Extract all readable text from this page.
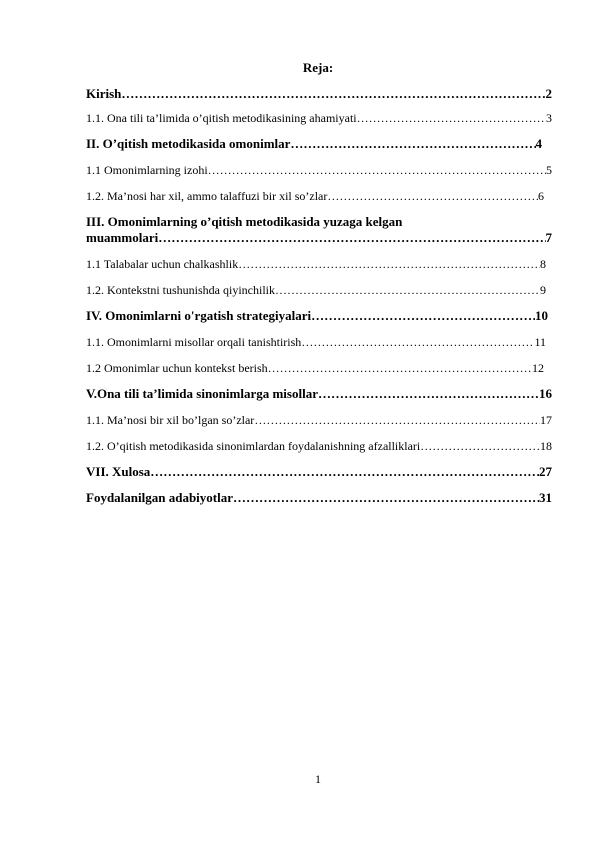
Reja:
Kirish ……………………………………………………………………………………………………………………………………………………………	2
1.1. Ona tili ta’limida o’qitish metodikasining ahamiyati ……………………………………………………………………………………………………………………………………………………………	3
II. O’qitish metodikasida omonimlar ……………………………………………………………………………………………………………………………………………………………	4
1.1 Omonimlarning izohi ……………………………………………………………………………………………………………………………………………………………	5
1.2. Ma’nosi har xil, ammo talaffuzi bir xil so’zlar ……………………………………………………………………………………………………………………………………………………………	6
III. Omonimlarning o’qitish metodikasida yuzaga kelgan
muammolari ……………………………………………………………………………………………………………………………………………………………	7
1.1 Talabalar uchun chalkashlik ……………………………………………………………………………………………………………………………………………………………	8
1.2. Kontekstni tushunishda qiyinchilik ……………………………………………………………………………………………………………………………………………………………	9
IV. Omonimlarni o'rgatish strategiyalari ……………………………………………………………………………………………………………………………………………………………	10
1.1. Omonimlarni misollar orqali tanishtirish ……………………………………………………………………………………………………………………………………………………………	11
1.2 Omonimlar uchun kontekst berish ……………………………………………………………………………………………………………………………………………………………	12
V.Ona tili ta’limida sinonimlarga misollar ……………………………………………………………………………………………………………………………………………………………	16
1.1. Ma’nosi bir xil bo’lgan so’zlar ……………………………………………………………………………………………………………………………………………………………	17
1.2. O’qitish metodikasida sinonimlardan foydalanishning afzalliklari ……………………………………………………………………………………………………………………………………………………………	18
VII. Xulosa ……………………………………………………………………………………………………………………………………………………………	27
Foydalanilgan adabiyotlar ……………………………………………………………………………………………………………………………………………………………	31
1
